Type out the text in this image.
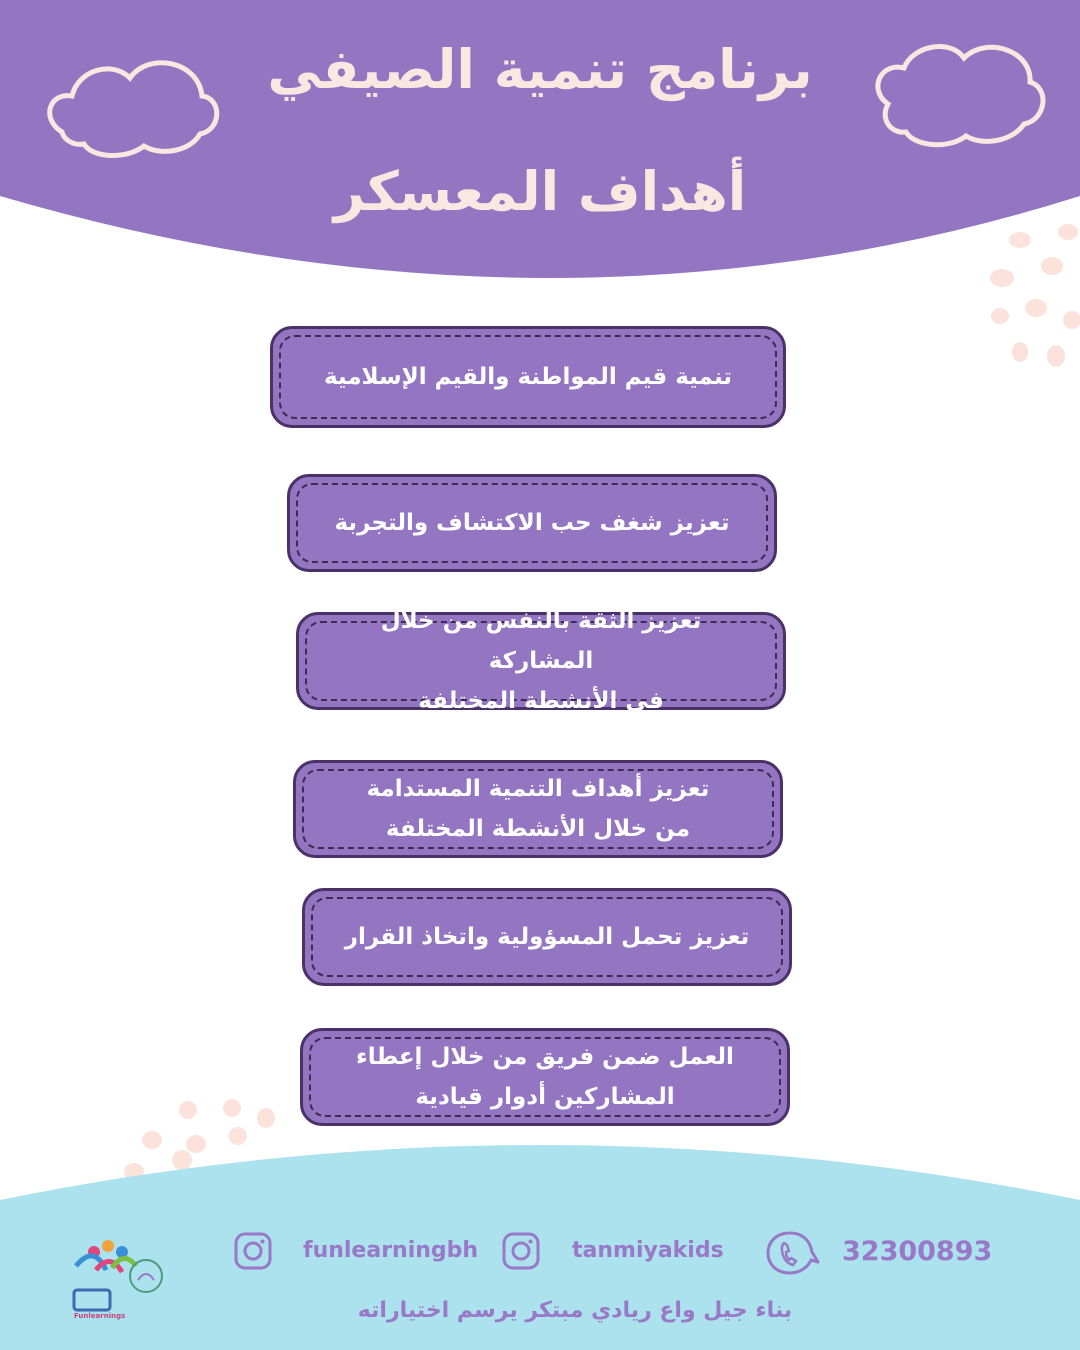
برنامج تنمية الصيفي
أهداف المعسكر
تنمية قيم المواطنة والقيم الإسلامية
تعزيز شغف حب الاكتشاف والتجربة
تعزيز الثقة بالنفس من خلال المشاركة
في الأنشطة المختلفة
تعزيز أهداف التنمية المستدامة
من خلال الأنشطة المختلفة
تعزيز تحمل المسؤولية واتخاذ القرار
العمل ضمن فريق من خلال إعطاء
المشاركين أدوار قيادية
Funlearnings
funlearningbh	tanmiyakids	32300893
بناء جيل واع ريادي مبتكر يرسم اختياراته
